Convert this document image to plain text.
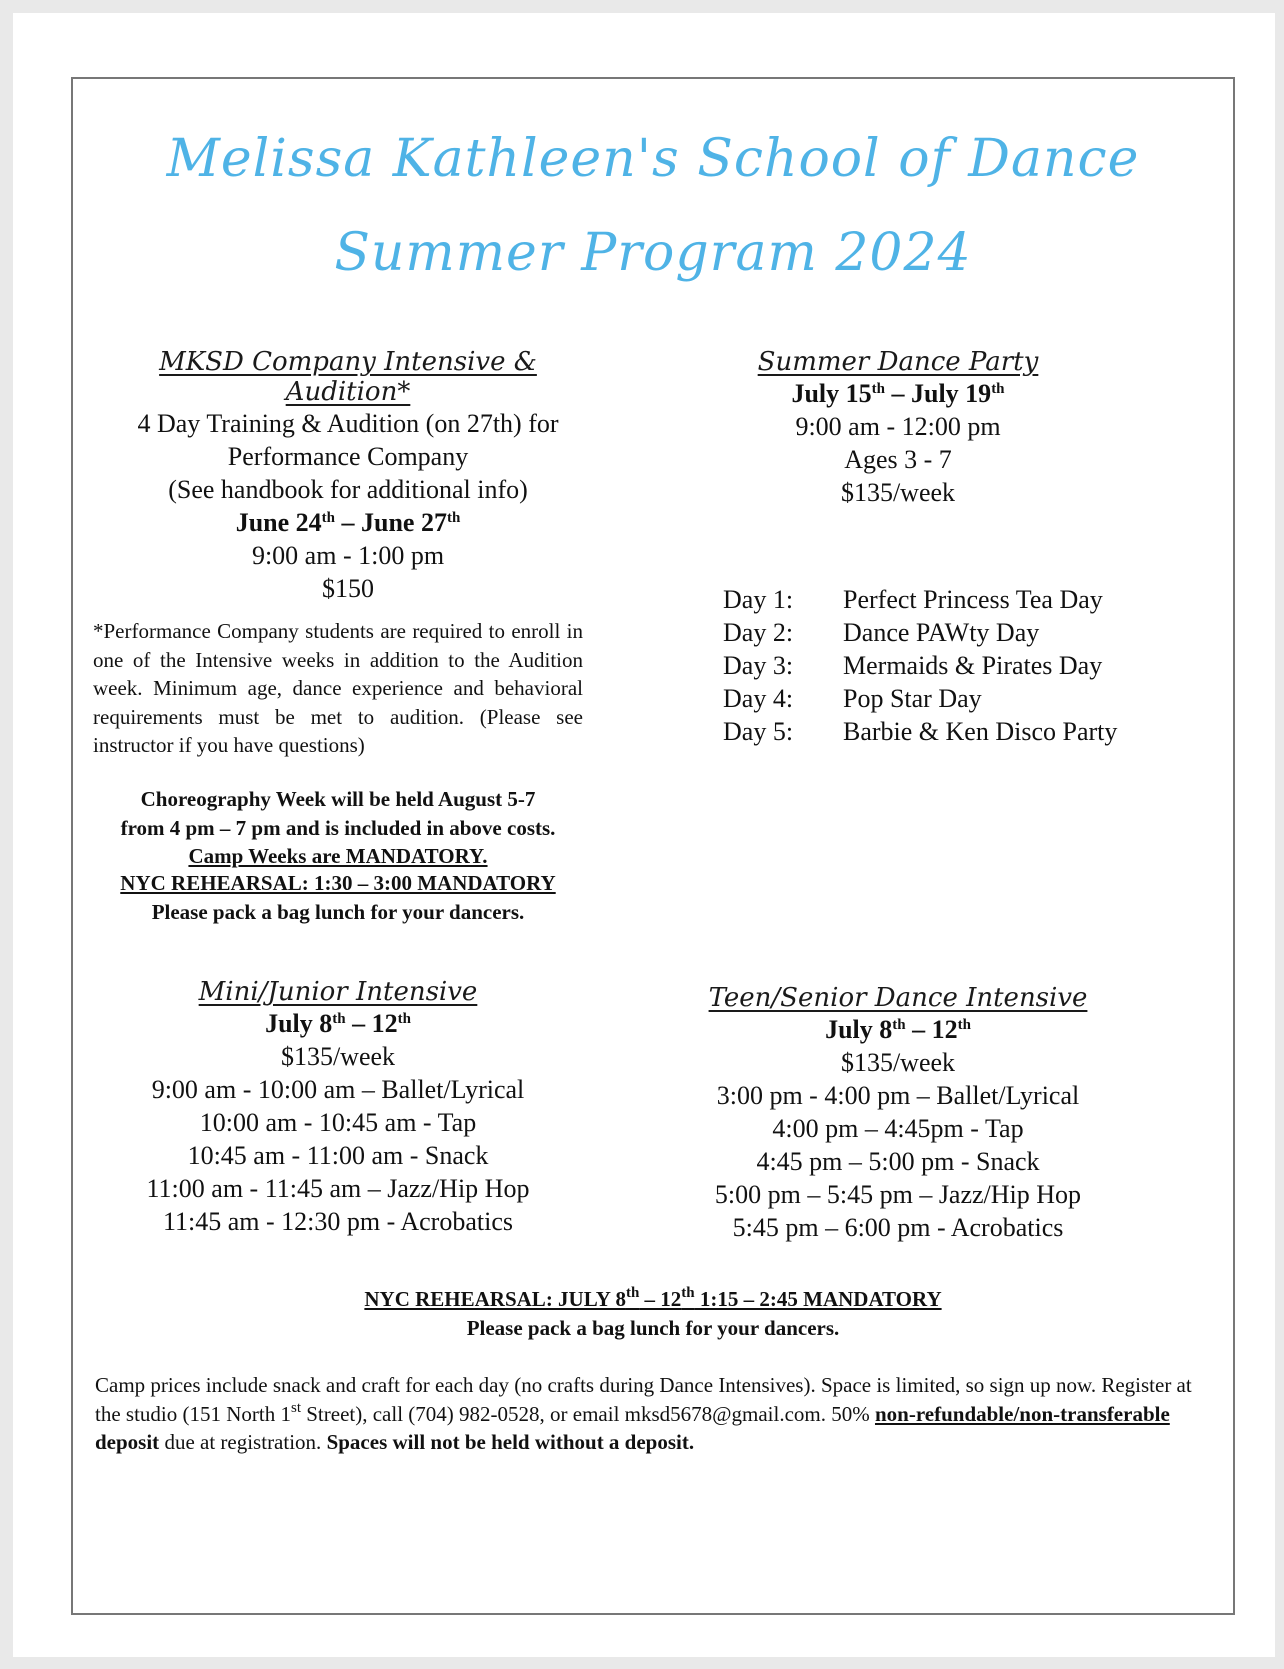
Melissa Kathleen's School of Dance
Summer Program 2024
MKSD Company Intensive & Audition*
4 Day Training & Audition (on 27th) for
Performance Company
(See handbook for additional info)
June 24th – June 27th
9:00 am - 1:00 pm
$150
*Performance Company students are required to enroll in one of the Intensive weeks in addition to the Audition week. Minimum age, dance experience and behavioral requirements must be met to audition. (Please see instructor if you have questions)
Choreography Week will be held August 5-7
from 4 pm – 7 pm and is included in above costs.
Camp Weeks are MANDATORY.
NYC REHEARSAL: 1:30 – 3:00 MANDATORY
Please pack a bag lunch for your dancers.
Summer Dance Party
July 15th – July 19th
9:00 am - 12:00 pm
Ages 3 - 7
$135/week
Day 1:	Perfect Princess Tea Day
Day 2:	Dance PAWty Day
Day 3:	Mermaids & Pirates Day
Day 4:	Pop Star Day
Day 5:	Barbie & Ken Disco Party
Mini/Junior Intensive
July 8th – 12th
$135/week
9:00 am - 10:00 am – Ballet/Lyrical
10:00 am - 10:45 am - Tap
10:45 am - 11:00 am - Snack
11:00 am - 11:45 am – Jazz/Hip Hop
11:45 am - 12:30 pm - Acrobatics
Teen/Senior Dance Intensive
July 8th – 12th
$135/week
3:00 pm - 4:00 pm – Ballet/Lyrical
4:00 pm – 4:45pm - Tap
4:45 pm – 5:00 pm - Snack
5:00 pm – 5:45 pm – Jazz/Hip Hop
5:45 pm – 6:00 pm - Acrobatics
NYC REHEARSAL: JULY 8th – 12th 1:15 – 2:45 MANDATORY
Please pack a bag lunch for your dancers.
Camp prices include snack and craft for each day (no crafts during Dance Intensives). Space is limited, so sign up now. Register at the studio (151 North 1st Street), call (704) 982-0528, or email mksd5678@gmail.com. 50% non-refundable/non-transferable deposit due at registration. Spaces will not be held without a deposit.
